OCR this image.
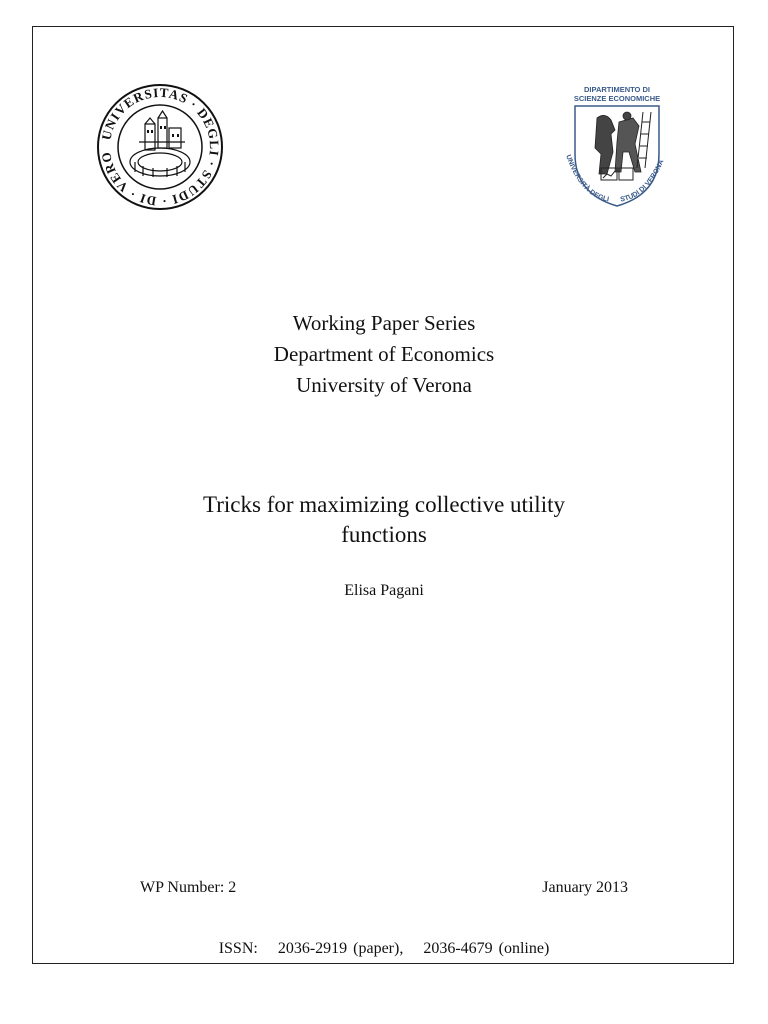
UNIVERSITAS · DEGLI · STUDI · DI · VERO
DIPARTIMENTO DI
SCIENZE ECONOMICHE
UNIVERSITÀ DEGLI STUDI DI VERONA
Working Paper Series
Department of Economics
University of Verona
Tricks for maximizing collective utility
functions
Elisa Pagani
WP Number: 2	January 2013
ISSN: 2036-2919 (paper), 2036-4679 (online)
